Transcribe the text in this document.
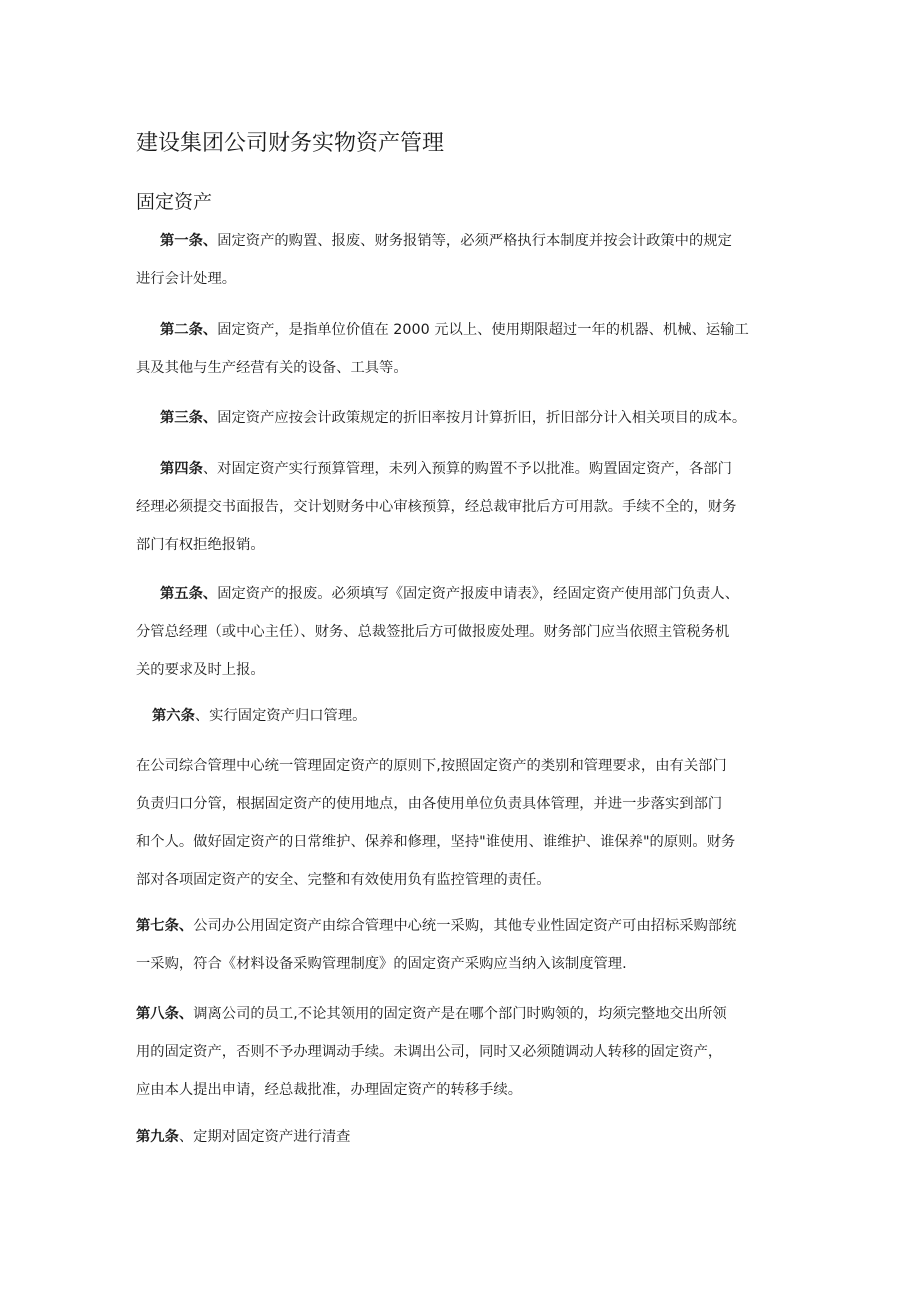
建设集团公司财务实物资产管理
固定资产
第一条、固定资产的购置、报废、财务报销等，必须严格执行本制度并按会计政策中的规定
进行会计处理。
第二条、固定资产，是指单位价值在 2000 元以上、使用期限超过一年的机器、机械、运输工
具及其他与生产经营有关的设备、工具等。
第三条、固定资产应按会计政策规定的折旧率按月计算折旧，折旧部分计入相关项目的成本。
第四条、对固定资产实行预算管理，未列入预算的购置不予以批准。购置固定资产，各部门
经理必须提交书面报告，交计划财务中心审核预算，经总裁审批后方可用款。手续不全的，财务
部门有权拒绝报销。
第五条、固定资产的报废。必须填写《固定资产报废申请表》，经固定资产使用部门负责人、
分管总经理（或中心主任）、财务、总裁签批后方可做报废处理。财务部门应当依照主管税务机
关的要求及时上报。
第六条、实行固定资产归口管理。
在公司综合管理中心统一管理固定资产的原则下,按照固定资产的类别和管理要求，由有关部门
负责归口分管，根据固定资产的使用地点，由各使用单位负责具体管理，并进一步落实到部门
和个人。做好固定资产的日常维护、保养和修理，坚持"谁使用、谁维护、谁保养"的原则。财务
部对各项固定资产的安全、完整和有效使用负有监控管理的责任。
第七条、公司办公用固定资产由综合管理中心统一采购，其他专业性固定资产可由招标采购部统
一采购，符合《材料设备采购管理制度》的固定资产采购应当纳入该制度管理.
第八条、调离公司的员工,不论其领用的固定资产是在哪个部门时购领的，均须完整地交出所领
用的固定资产，否则不予办理调动手续。未调出公司，同时又必须随调动人转移的固定资产，
应由本人提出申请，经总裁批准，办理固定资产的转移手续。
第九条、定期对固定资产进行清查
